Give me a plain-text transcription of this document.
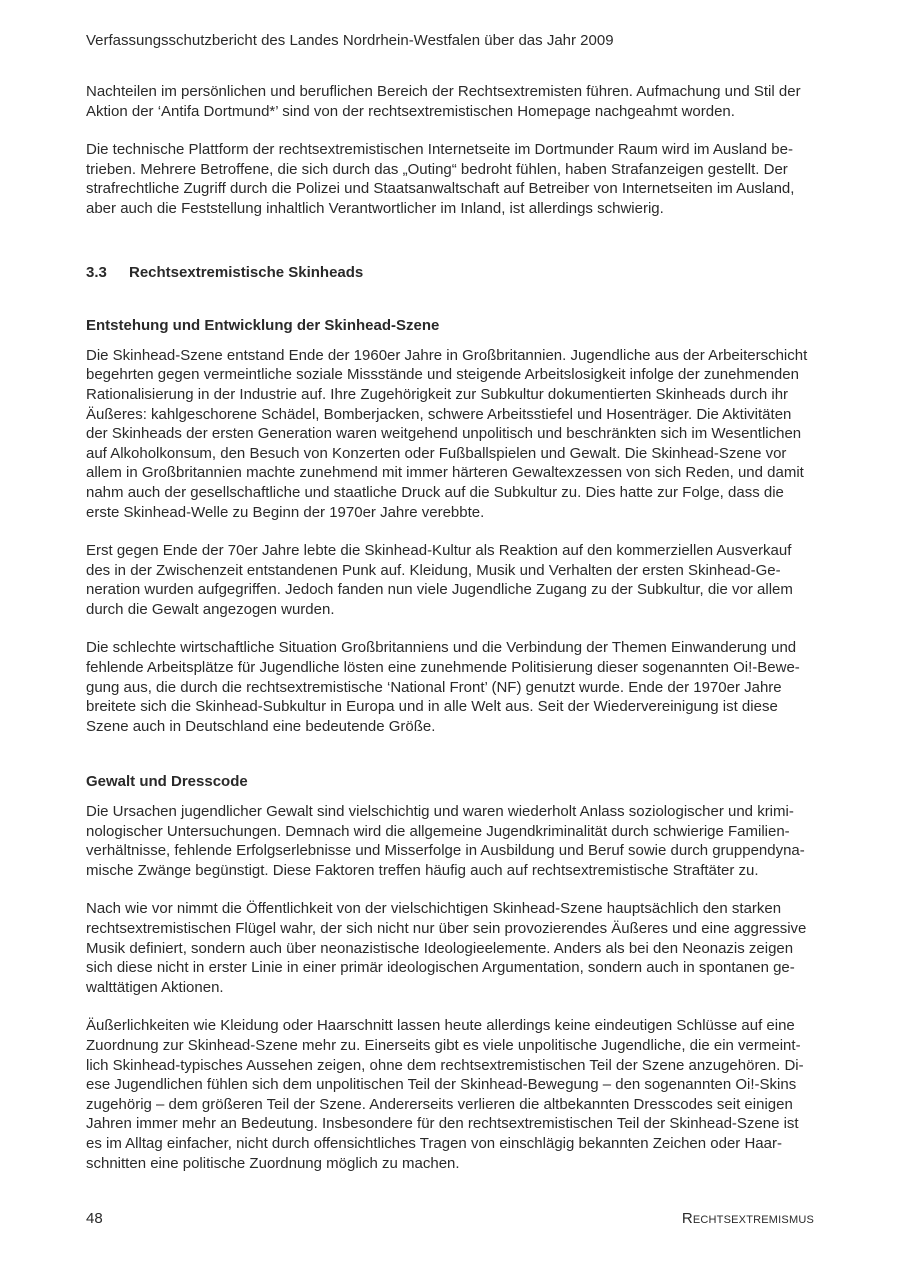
Verfassungsschutzbericht des Landes Nordrhein-Westfalen über das Jahr 2009

Nachteilen im persönlichen und beruflichen Bereich der Rechtsextremisten führen. Aufmachung und Stil der
Aktion der ‘Antifa Dortmund*’ sind von der rechtsextremistischen Homepage nachgeahmt worden.

Die technische Plattform der rechtsextremistischen Internetseite im Dortmunder Raum wird im Ausland be-
trieben. Mehrere Betroffene, die sich durch das „Outing“ bedroht fühlen, haben Strafanzeigen gestellt. Der
strafrechtliche Zugriff durch die Polizei und Staatsanwaltschaft auf Betreiber von Internetseiten im Ausland,
aber auch die Feststellung inhaltlich Verantwortlicher im Inland, ist allerdings schwierig.

3.3	Rechtsextremistische Skinheads
Entstehung und Entwicklung der Skinhead-Szene

Die Skinhead-Szene entstand Ende der 1960er Jahre in Großbritannien. Jugendliche aus der Arbeiterschicht
begehrten gegen vermeintliche soziale Missstände und steigende Arbeitslosigkeit infolge der zunehmenden
Rationalisierung in der Industrie auf. Ihre Zugehörigkeit zur Subkultur dokumentierten Skinheads durch ihr
Äußeres: kahlgeschorene Schädel, Bomberjacken, schwere Arbeitsstiefel und Hosenträger. Die Aktivitäten
der Skinheads der ersten Generation waren weitgehend unpolitisch und beschränkten sich im Wesentlichen
auf Alkoholkonsum, den Besuch von Konzerten oder Fußballspielen und Gewalt. Die Skinhead-Szene vor
allem in Großbritannien machte zunehmend mit immer härteren Gewaltexzessen von sich Reden, und damit
nahm auch der gesellschaftliche und staatliche Druck auf die Subkultur zu. Dies hatte zur Folge, dass die
erste Skinhead-Welle zu Beginn der 1970er Jahre verebbte.

Erst gegen Ende der 70er Jahre lebte die Skinhead-Kultur als Reaktion auf den kommerziellen Ausverkauf
des in der Zwischenzeit entstandenen Punk auf. Kleidung, Musik und Verhalten der ersten Skinhead-Ge-
neration wurden aufgegriffen. Jedoch fanden nun viele Jugendliche Zugang zu der Subkultur, die vor allem
durch die Gewalt angezogen wurden.

Die schlechte wirtschaftliche Situation Großbritanniens und die Verbindung der Themen Einwanderung und
fehlende Arbeitsplätze für Jugendliche lösten eine zunehmende Politisierung dieser sogenannten Oi!-Bewe-
gung aus, die durch die rechtsextremistische ‘National Front’ (NF) genutzt wurde. Ende der 1970er Jahre
breitete sich die Skinhead-Subkultur in Europa und in alle Welt aus. Seit der Wiedervereinigung ist diese
Szene auch in Deutschland eine bedeutende Größe.

Gewalt und Dresscode

Die Ursachen jugendlicher Gewalt sind vielschichtig und waren wiederholt Anlass soziologischer und krimi-
nologischer Untersuchungen. Demnach wird die allgemeine Jugendkriminalität durch schwierige Familien-
verhältnisse, fehlende Erfolgserlebnisse und Misserfolge in Ausbildung und Beruf sowie durch gruppendyna-
mische Zwänge begünstigt. Diese Faktoren treffen häufig auch auf rechtsextremistische Straftäter zu.

Nach wie vor nimmt die Öffentlichkeit von der vielschichtigen Skinhead-Szene hauptsächlich den starken
rechtsextremistischen Flügel wahr, der sich nicht nur über sein provozierendes Äußeres und eine aggressive
Musik definiert, sondern auch über neonazistische Ideologieelemente. Anders als bei den Neonazis zeigen
sich diese nicht in erster Linie in einer primär ideologischen Argumentation, sondern auch in spontanen ge-
walttätigen Aktionen.

Äußerlichkeiten wie Kleidung oder Haarschnitt lassen heute allerdings keine eindeutigen Schlüsse auf eine
Zuordnung zur Skinhead-Szene mehr zu. Einerseits gibt es viele unpolitische Jugendliche, die ein vermeint-
lich Skinhead-typisches Aussehen zeigen, ohne dem rechtsextremistischen Teil der Szene anzugehören. Di-
ese Jugendlichen fühlen sich dem unpolitischen Teil der Skinhead-Bewegung – den sogenannten Oi!-Skins
zugehörig – dem größeren Teil der Szene. Andererseits verlieren die altbekannten Dresscodes seit einigen
Jahren immer mehr an Bedeutung. Insbesondere für den rechtsextremistischen Teil der Skinhead-Szene ist
es im Alltag einfacher, nicht durch offensichtliches Tragen von einschlägig bekannten Zeichen oder Haar-
schnitten eine politische Zuordnung möglich zu machen.

48	Rechtsextremismus
